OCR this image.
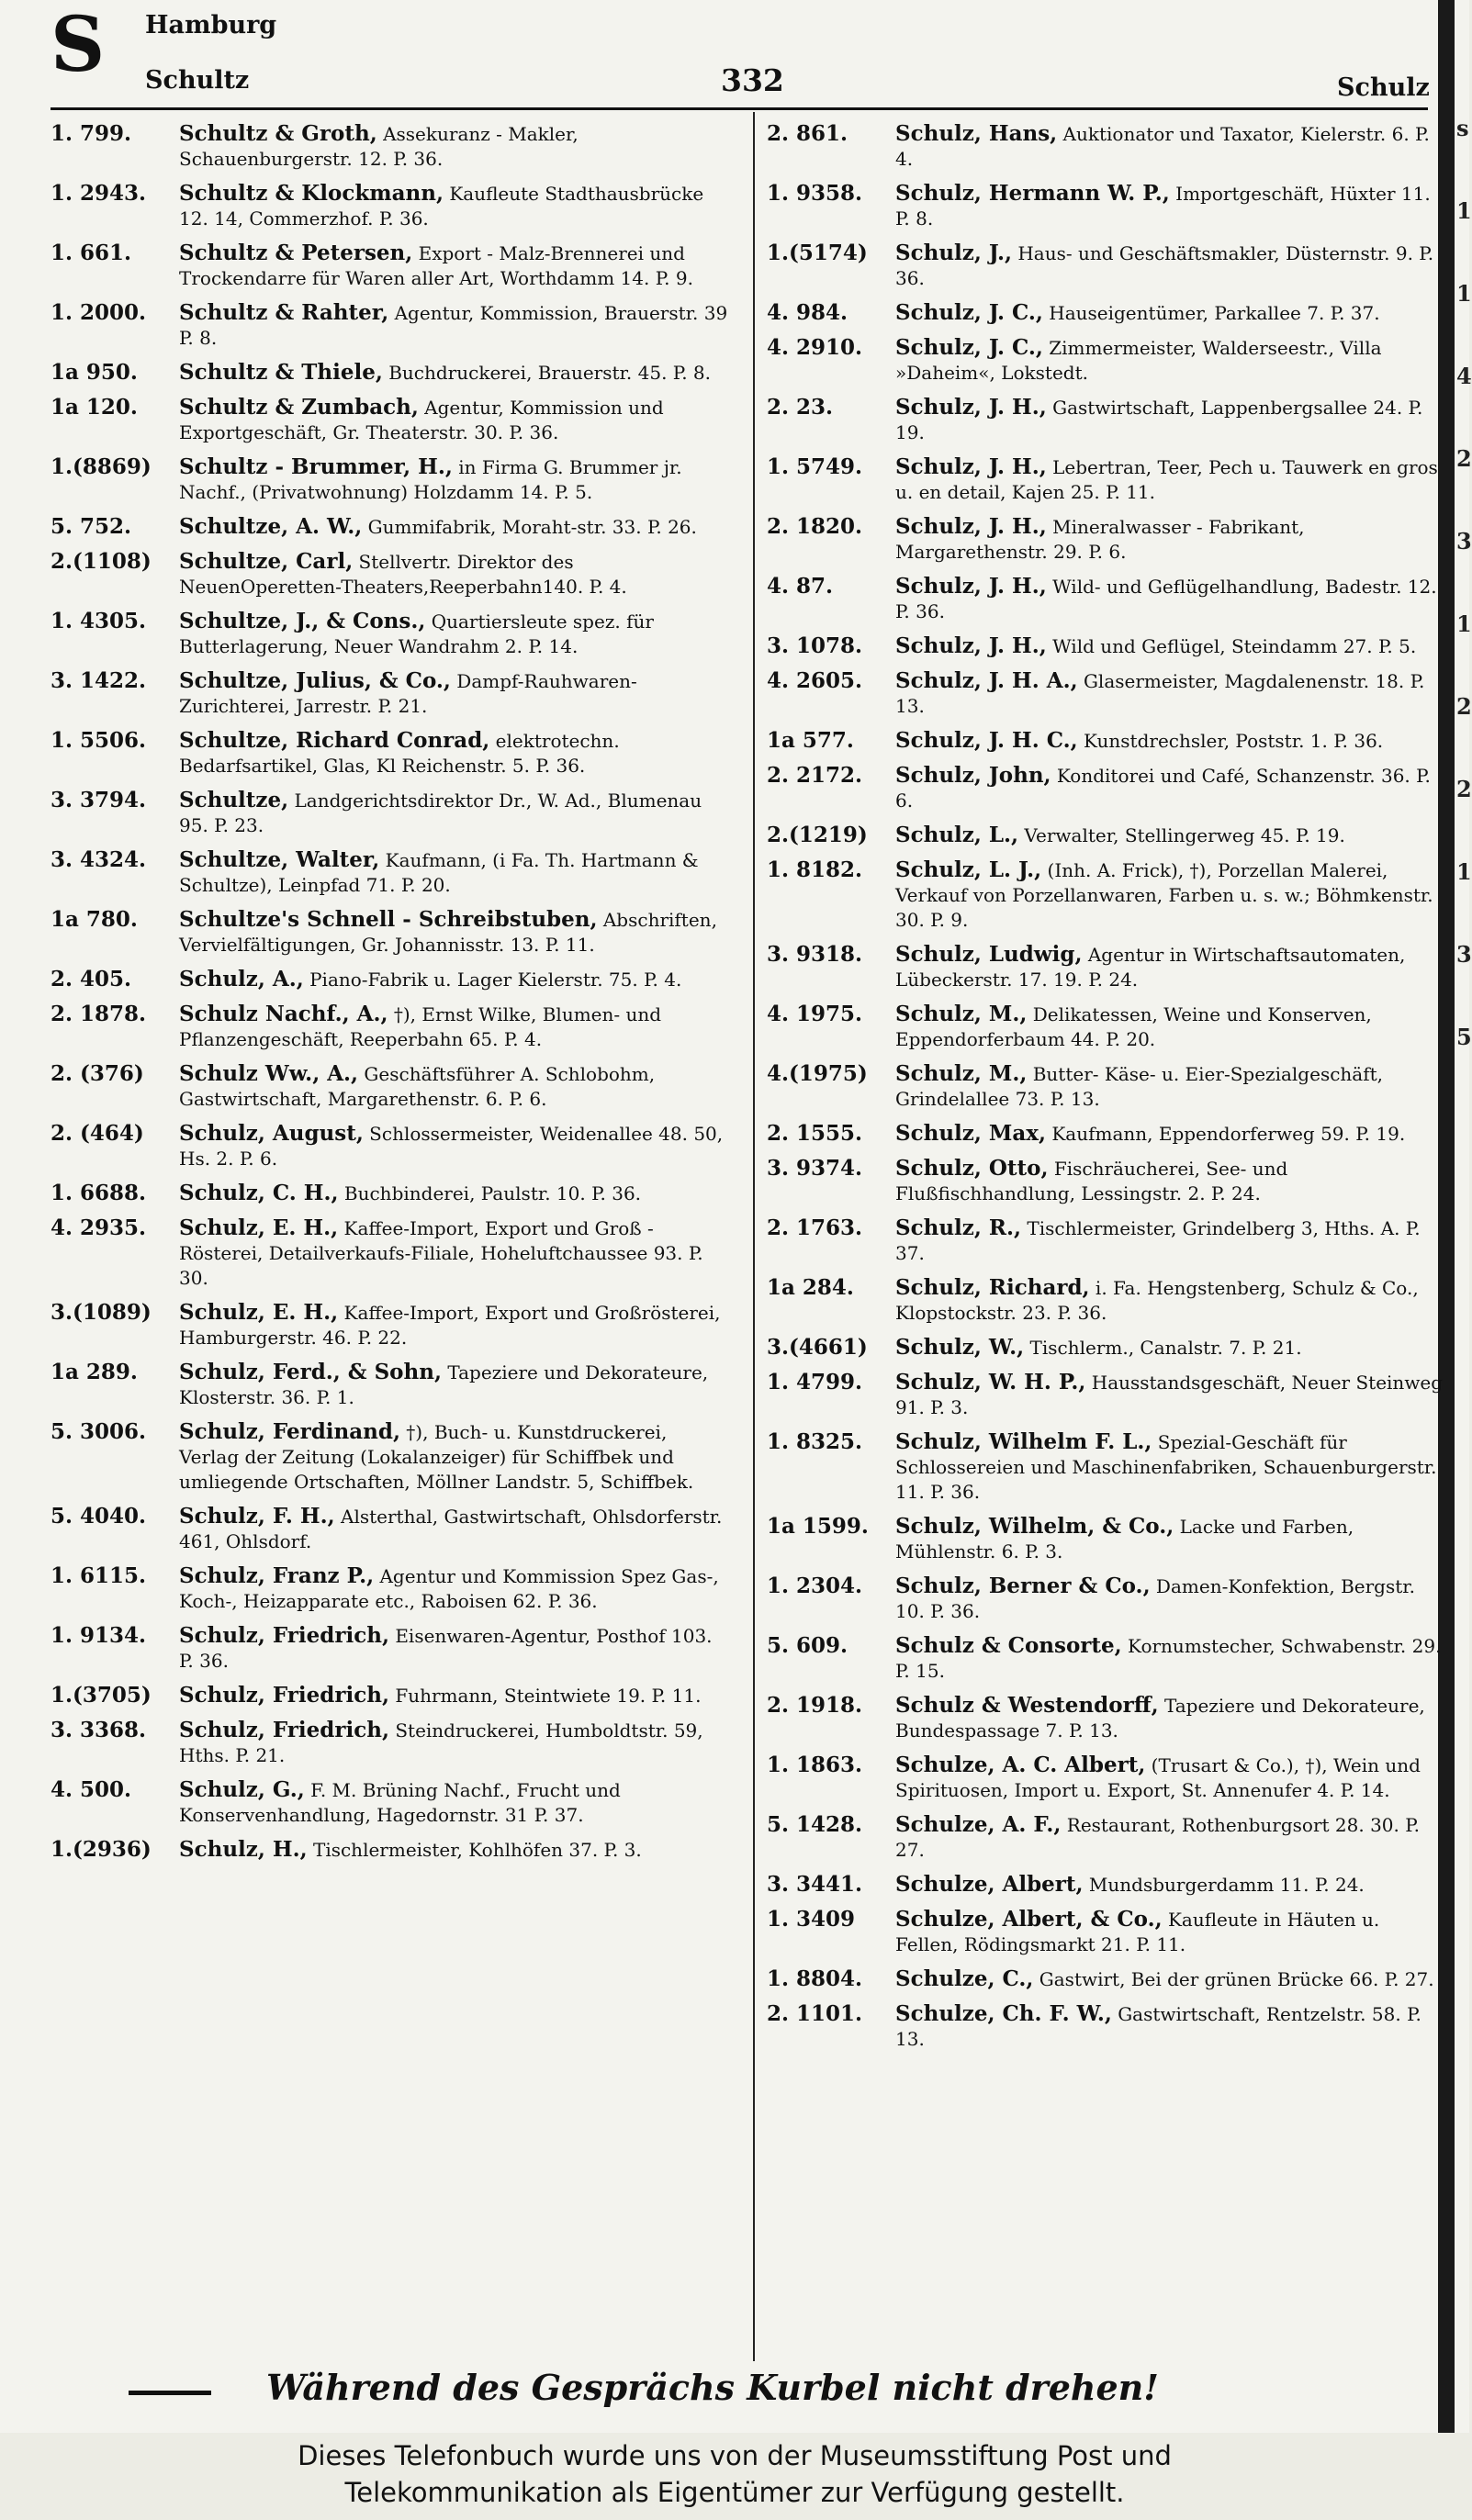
S Hamburg
Schultz	332	Schulz
s 1 1 4 2 3 1 2 2 1 3 5
1. 799. Schultz & Groth, Assekuranz - Makler, Schauenburgerstr. 12. P. 36.
1. 2943. Schultz & Klockmann, Kaufleute Stadthausbrücke 12. 14, Commerzhof. P. 36.
1. 661. Schultz & Petersen, Export - Malz-Brennerei und Trockendarre für Waren aller Art, Worthdamm 14. P. 9.
1. 2000. Schultz & Rahter, Agentur, Kommission, Brauerstr. 39 P. 8.
1a 950. Schultz & Thiele, Buchdruckerei, Brauerstr. 45. P. 8.
1a 120. Schultz & Zumbach, Agentur, Kommission und Exportgeschäft, Gr. Theaterstr. 30. P. 36.
1.(8869) Schultz - Brummer, H., in Firma G. Brummer jr. Nachf., (Privatwohnung) Holzdamm 14. P. 5.
5. 752. Schultze, A. W., Gummifabrik, Moraht-str. 33. P. 26.
2.(1108) Schultze, Carl, Stellvertr. Direktor des NeuenOperetten-Theaters,Reeperbahn140. P. 4.
1. 4305. Schultze, J., & Cons., Quartiersleute spez. für Butterlagerung, Neuer Wandrahm 2. P. 14.
3. 1422. Schultze, Julius, & Co., Dampf-Rauhwaren-Zurichterei, Jarrestr. P. 21.
1. 5506. Schultze, Richard Conrad, elektrotechn. Bedarfsartikel, Glas, Kl Reichenstr. 5. P. 36.
3. 3794. Schultze, Landgerichtsdirektor Dr., W. Ad., Blumenau 95. P. 23.
3. 4324. Schultze, Walter, Kaufmann, (i Fa. Th. Hartmann & Schultze), Leinpfad 71. P. 20.
1a 780. Schultze's Schnell - Schreibstuben, Abschriften, Vervielfältigungen, Gr. Johannisstr. 13. P. 11.
2. 405. Schulz, A., Piano-Fabrik u. Lager Kielerstr. 75. P. 4.
2. 1878. Schulz Nachf., A., †), Ernst Wilke, Blumen- und Pflanzengeschäft, Reeperbahn 65. P. 4.
2. (376) Schulz Ww., A., Geschäftsführer A. Schlobohm, Gastwirtschaft, Margarethenstr. 6. P. 6.
2. (464) Schulz, August, Schlossermeister, Weidenallee 48. 50, Hs. 2. P. 6.
1. 6688. Schulz, C. H., Buchbinderei, Paulstr. 10. P. 36.
4. 2935. Schulz, E. H., Kaffee-Import, Export und Groß - Rösterei, Detailverkaufs-Filiale, Hoheluftchaussee 93. P. 30.
3.(1089) Schulz, E. H., Kaffee-Import, Export und Großrösterei, Hamburgerstr. 46. P. 22.
1a 289. Schulz, Ferd., & Sohn, Tapeziere und Dekorateure, Klosterstr. 36. P. 1.
5. 3006. Schulz, Ferdinand, †), Buch- u. Kunstdruckerei, Verlag der Zeitung (Lokalanzeiger) für Schiffbek und umliegende Ortschaften, Möllner Landstr. 5, Schiffbek.
5. 4040. Schulz, F. H., Alsterthal, Gastwirtschaft, Ohlsdorferstr. 461, Ohlsdorf.
1. 6115. Schulz, Franz P., Agentur und Kommission Spez Gas-, Koch-, Heizapparate etc., Raboisen 62. P. 36.
1. 9134. Schulz, Friedrich, Eisenwaren-Agentur, Posthof 103. P. 36.
1.(3705) Schulz, Friedrich, Fuhrmann, Steintwiete 19. P. 11.
3. 3368. Schulz, Friedrich, Steindruckerei, Humboldtstr. 59, Hths. P. 21.
4. 500. Schulz, G., F. M. Brüning Nachf., Frucht und Konservenhandlung, Hagedornstr. 31 P. 37.
1.(2936) Schulz, H., Tischlermeister, Kohlhöfen 37. P. 3.
2. 861. Schulz, Hans, Auktionator und Taxator, Kielerstr. 6. P. 4.
1. 9358. Schulz, Hermann W. P., Importgeschäft, Hüxter 11. P. 8.
1.(5174) Schulz, J., Haus- und Geschäftsmakler, Düsternstr. 9. P. 36.
4. 984. Schulz, J. C., Hauseigentümer, Parkallee 7. P. 37.
4. 2910. Schulz, J. C., Zimmermeister, Walderseestr., Villa »Daheim«, Lokstedt.
2. 23.	Schulz, J. H., Gastwirtschaft, Lappenbergsallee 24. P. 19.
1. 5749. Schulz, J. H., Lebertran, Teer, Pech u. Tauwerk en gros u. en detail, Kajen 25. P. 11.
2. 1820. Schulz, J. H., Mineralwasser - Fabrikant, Margarethenstr. 29. P. 6.
4. 87.	Schulz, J. H., Wild- und Geflügelhandlung, Badestr. 12. P. 36.
3. 1078. Schulz, J. H., Wild und Geflügel, Steindamm 27. P. 5.
4. 2605. Schulz, J. H. A., Glasermeister, Magdalenenstr. 18. P. 13.
1a 577. Schulz, J. H. C., Kunstdrechsler, Poststr. 1. P. 36.
2. 2172. Schulz, John, Konditorei und Café, Schanzenstr. 36. P. 6.
2.(1219) Schulz, L., Verwalter, Stellingerweg 45. P. 19.
1. 8182. Schulz, L. J., (Inh. A. Frick), †), Porzellan Malerei, Verkauf von Porzellanwaren, Farben u. s. w.; Böhmkenstr. 30. P. 9.
3. 9318. Schulz, Ludwig, Agentur in Wirtschaftsautomaten, Lübeckerstr. 17. 19. P. 24.
4. 1975. Schulz, M., Delikatessen, Weine und Konserven, Eppendorferbaum 44. P. 20.
4.(1975) Schulz, M., Butter- Käse- u. Eier-Spezialgeschäft, Grindelallee 73. P. 13.
2. 1555. Schulz, Max, Kaufmann, Eppendorferweg 59. P. 19.
3. 9374. Schulz, Otto, Fischräucherei, See- und Flußfischhandlung, Lessingstr. 2. P. 24.
2. 1763. Schulz, R., Tischlermeister, Grindelberg 3, Hths. A. P. 37.
1a 284. Schulz, Richard, i. Fa. Hengstenberg, Schulz & Co., Klopstockstr. 23. P. 36.
3.(4661) Schulz, W., Tischlerm., Canalstr. 7. P. 21.
1. 4799. Schulz, W. H. P., Hausstandsgeschäft, Neuer Steinweg 91. P. 3.
1. 8325. Schulz, Wilhelm F. L., Spezial-Geschäft für Schlossereien und Maschinenfabriken, Schauenburgerstr. 11. P. 36.
1a 1599. Schulz, Wilhelm, & Co., Lacke und Farben, Mühlenstr. 6. P. 3.
1. 2304. Schulz, Berner & Co., Damen-Konfektion, Bergstr. 10. P. 36.
5. 609. Schulz & Consorte, Kornumstecher, Schwabenstr. 29. P. 15.
2. 1918. Schulz & Westendorff, Tapeziere und Dekorateure, Bundespassage 7. P. 13.
1. 1863. Schulze, A. C. Albert, (Trusart & Co.), †), Wein und Spirituosen, Import u. Export, St. Annenufer 4. P. 14.
5. 1428. Schulze, A. F., Restaurant, Rothenburgsort 28. 30. P. 27.
3. 3441. Schulze, Albert, Mundsburgerdamm 11. P. 24.
1. 3409 Schulze, Albert, & Co., Kaufleute in Häuten u. Fellen, Rödingsmarkt 21. P. 11.
1. 8804. Schulze, C., Gastwirt, Bei der grünen Brücke 66. P. 27.
2. 1101. Schulze, Ch. F. W., Gastwirtschaft, Rentzelstr. 58. P. 13.
Während des Gesprächs Kurbel nicht drehen!
Dieses Telefonbuch wurde uns von der Museumsstiftung Post und
Telekommunikation als Eigentümer zur Verfügung gestellt.
